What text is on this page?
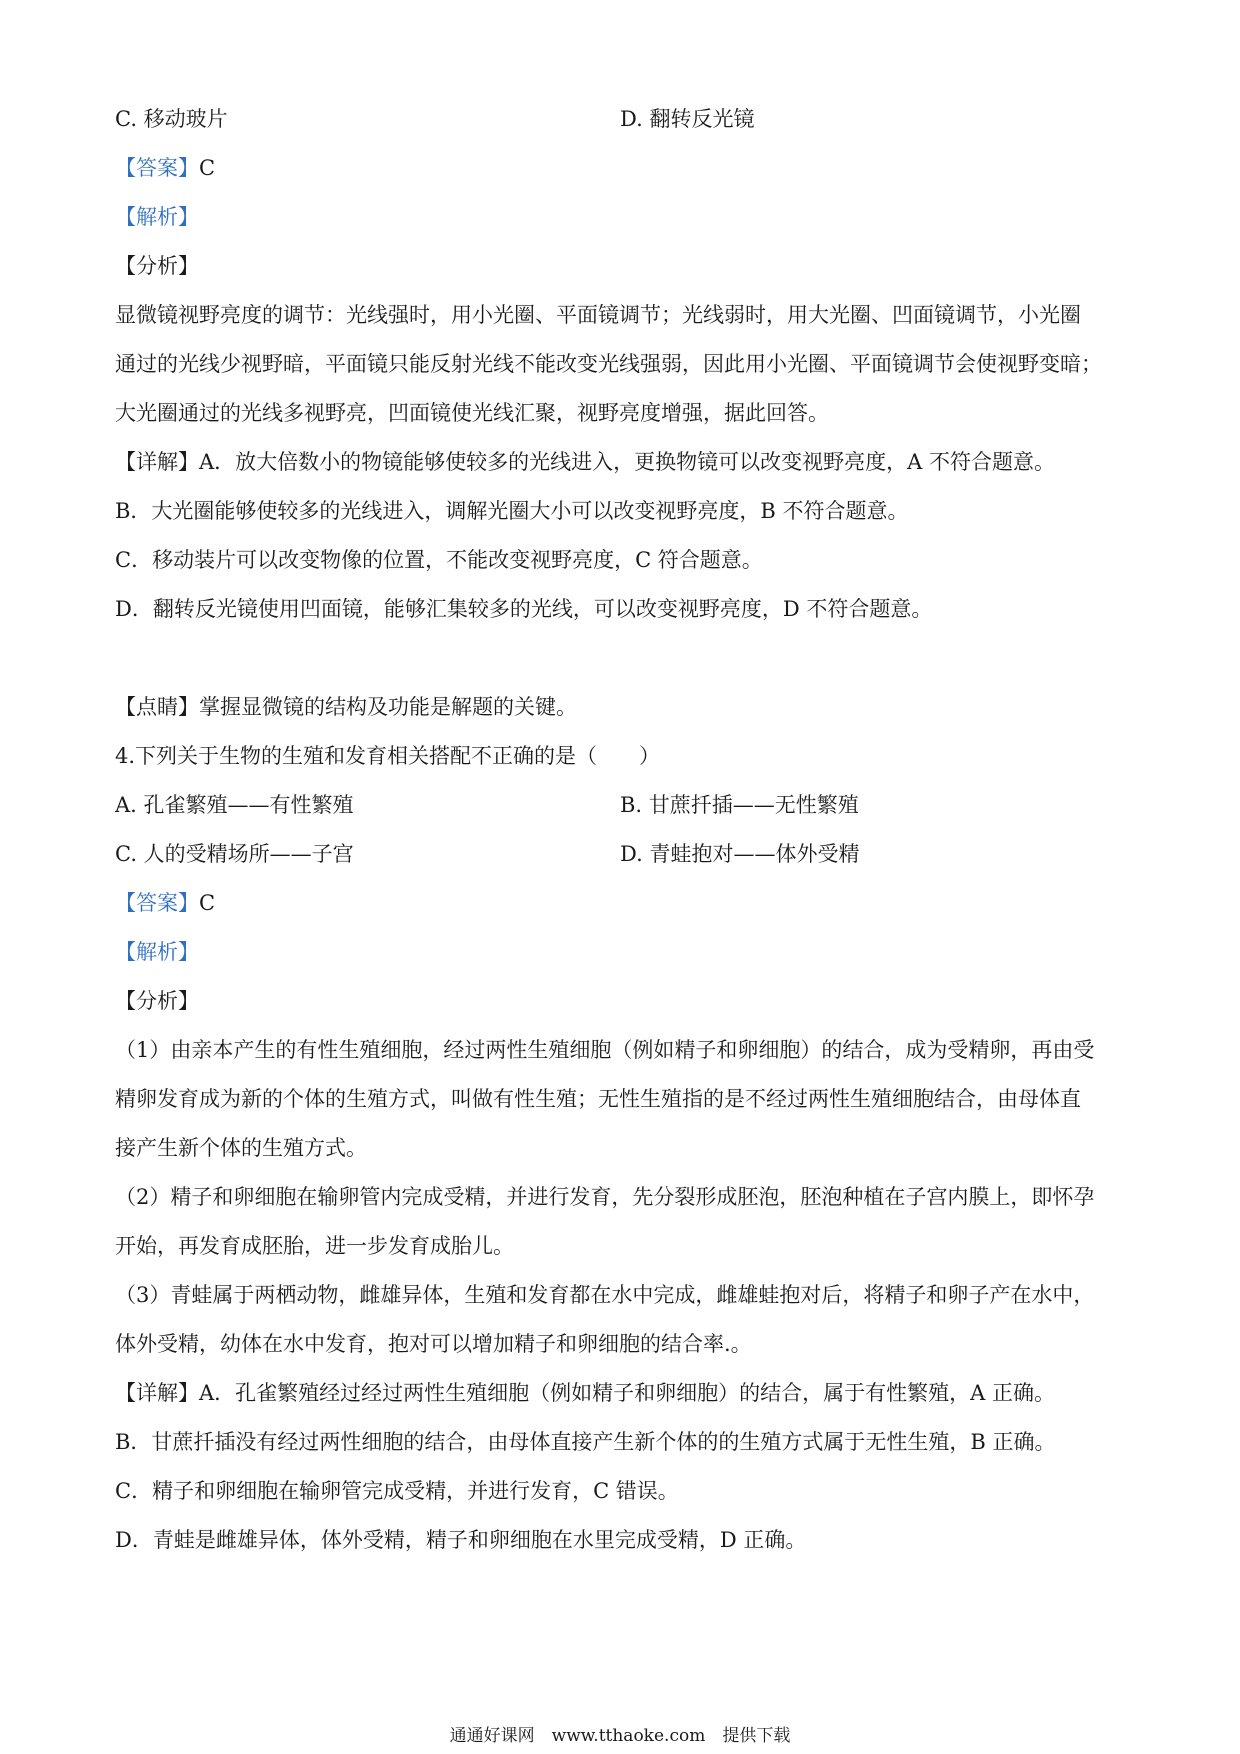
C. 移动玻片	D. 翻转反光镜
【答案】C
【解析】
【分析】
显微镜视野亮度的调节：光线强时，用小光圈、平面镜调节；光线弱时，用大光圈、凹面镜调节，小光圈
通过的光线少视野暗，平面镜只能反射光线不能改变光线强弱，因此用小光圈、平面镜调节会使视野变暗；
大光圈通过的光线多视野亮，凹面镜使光线汇聚，视野亮度增强，据此回答。
【详解】A．放大倍数小的物镜能够使较多的光线进入，更换物镜可以改变视野亮度，A 不符合题意。
B．大光圈能够使较多的光线进入，调解光圈大小可以改变视野亮度，B 不符合题意。
C．移动装片可以改变物像的位置，不能改变视野亮度，C 符合题意。
D．翻转反光镜使用凹面镜，能够汇集较多的光线，可以改变视野亮度，D 不符合题意。
【点睛】掌握显微镜的结构及功能是解题的关键。
4.下列关于生物的生殖和发育相关搭配不正确的是（　　）
A. 孔雀繁殖——有性繁殖	B. 甘蔗扦插——无性繁殖
C. 人的受精场所——子宫	D. 青蛙抱对——体外受精
【答案】C
【解析】
【分析】
（1）由亲本产生的有性生殖细胞，经过两性生殖细胞（例如精子和卵细胞）的结合，成为受精卵，再由受
精卵发育成为新的个体的生殖方式，叫做有性生殖；无性生殖指的是不经过两性生殖细胞结合，由母体直
接产生新个体的生殖方式。
（2）精子和卵细胞在输卵管内完成受精，并进行发育，先分裂形成胚泡，胚泡种植在子宫内膜上，即怀孕
开始，再发育成胚胎，进一步发育成胎儿。
（3）青蛙属于两栖动物，雌雄异体，生殖和发育都在水中完成，雌雄蛙抱对后，将精子和卵子产在水中，
体外受精，幼体在水中发育，抱对可以增加精子和卵细胞的结合率.。
【详解】A．孔雀繁殖经过经过两性生殖细胞（例如精子和卵细胞）的结合，属于有性繁殖，A 正确。
B．甘蔗扦插没有经过两性细胞的结合，由母体直接产生新个体的的生殖方式属于无性生殖，B 正确。
C．精子和卵细胞在输卵管完成受精，并进行发育，C 错误。
D．青蛙是雌雄异体，体外受精，精子和卵细胞在水里完成受精，D 正确。
通通好课网　www.tthaoke.com　提供下载
